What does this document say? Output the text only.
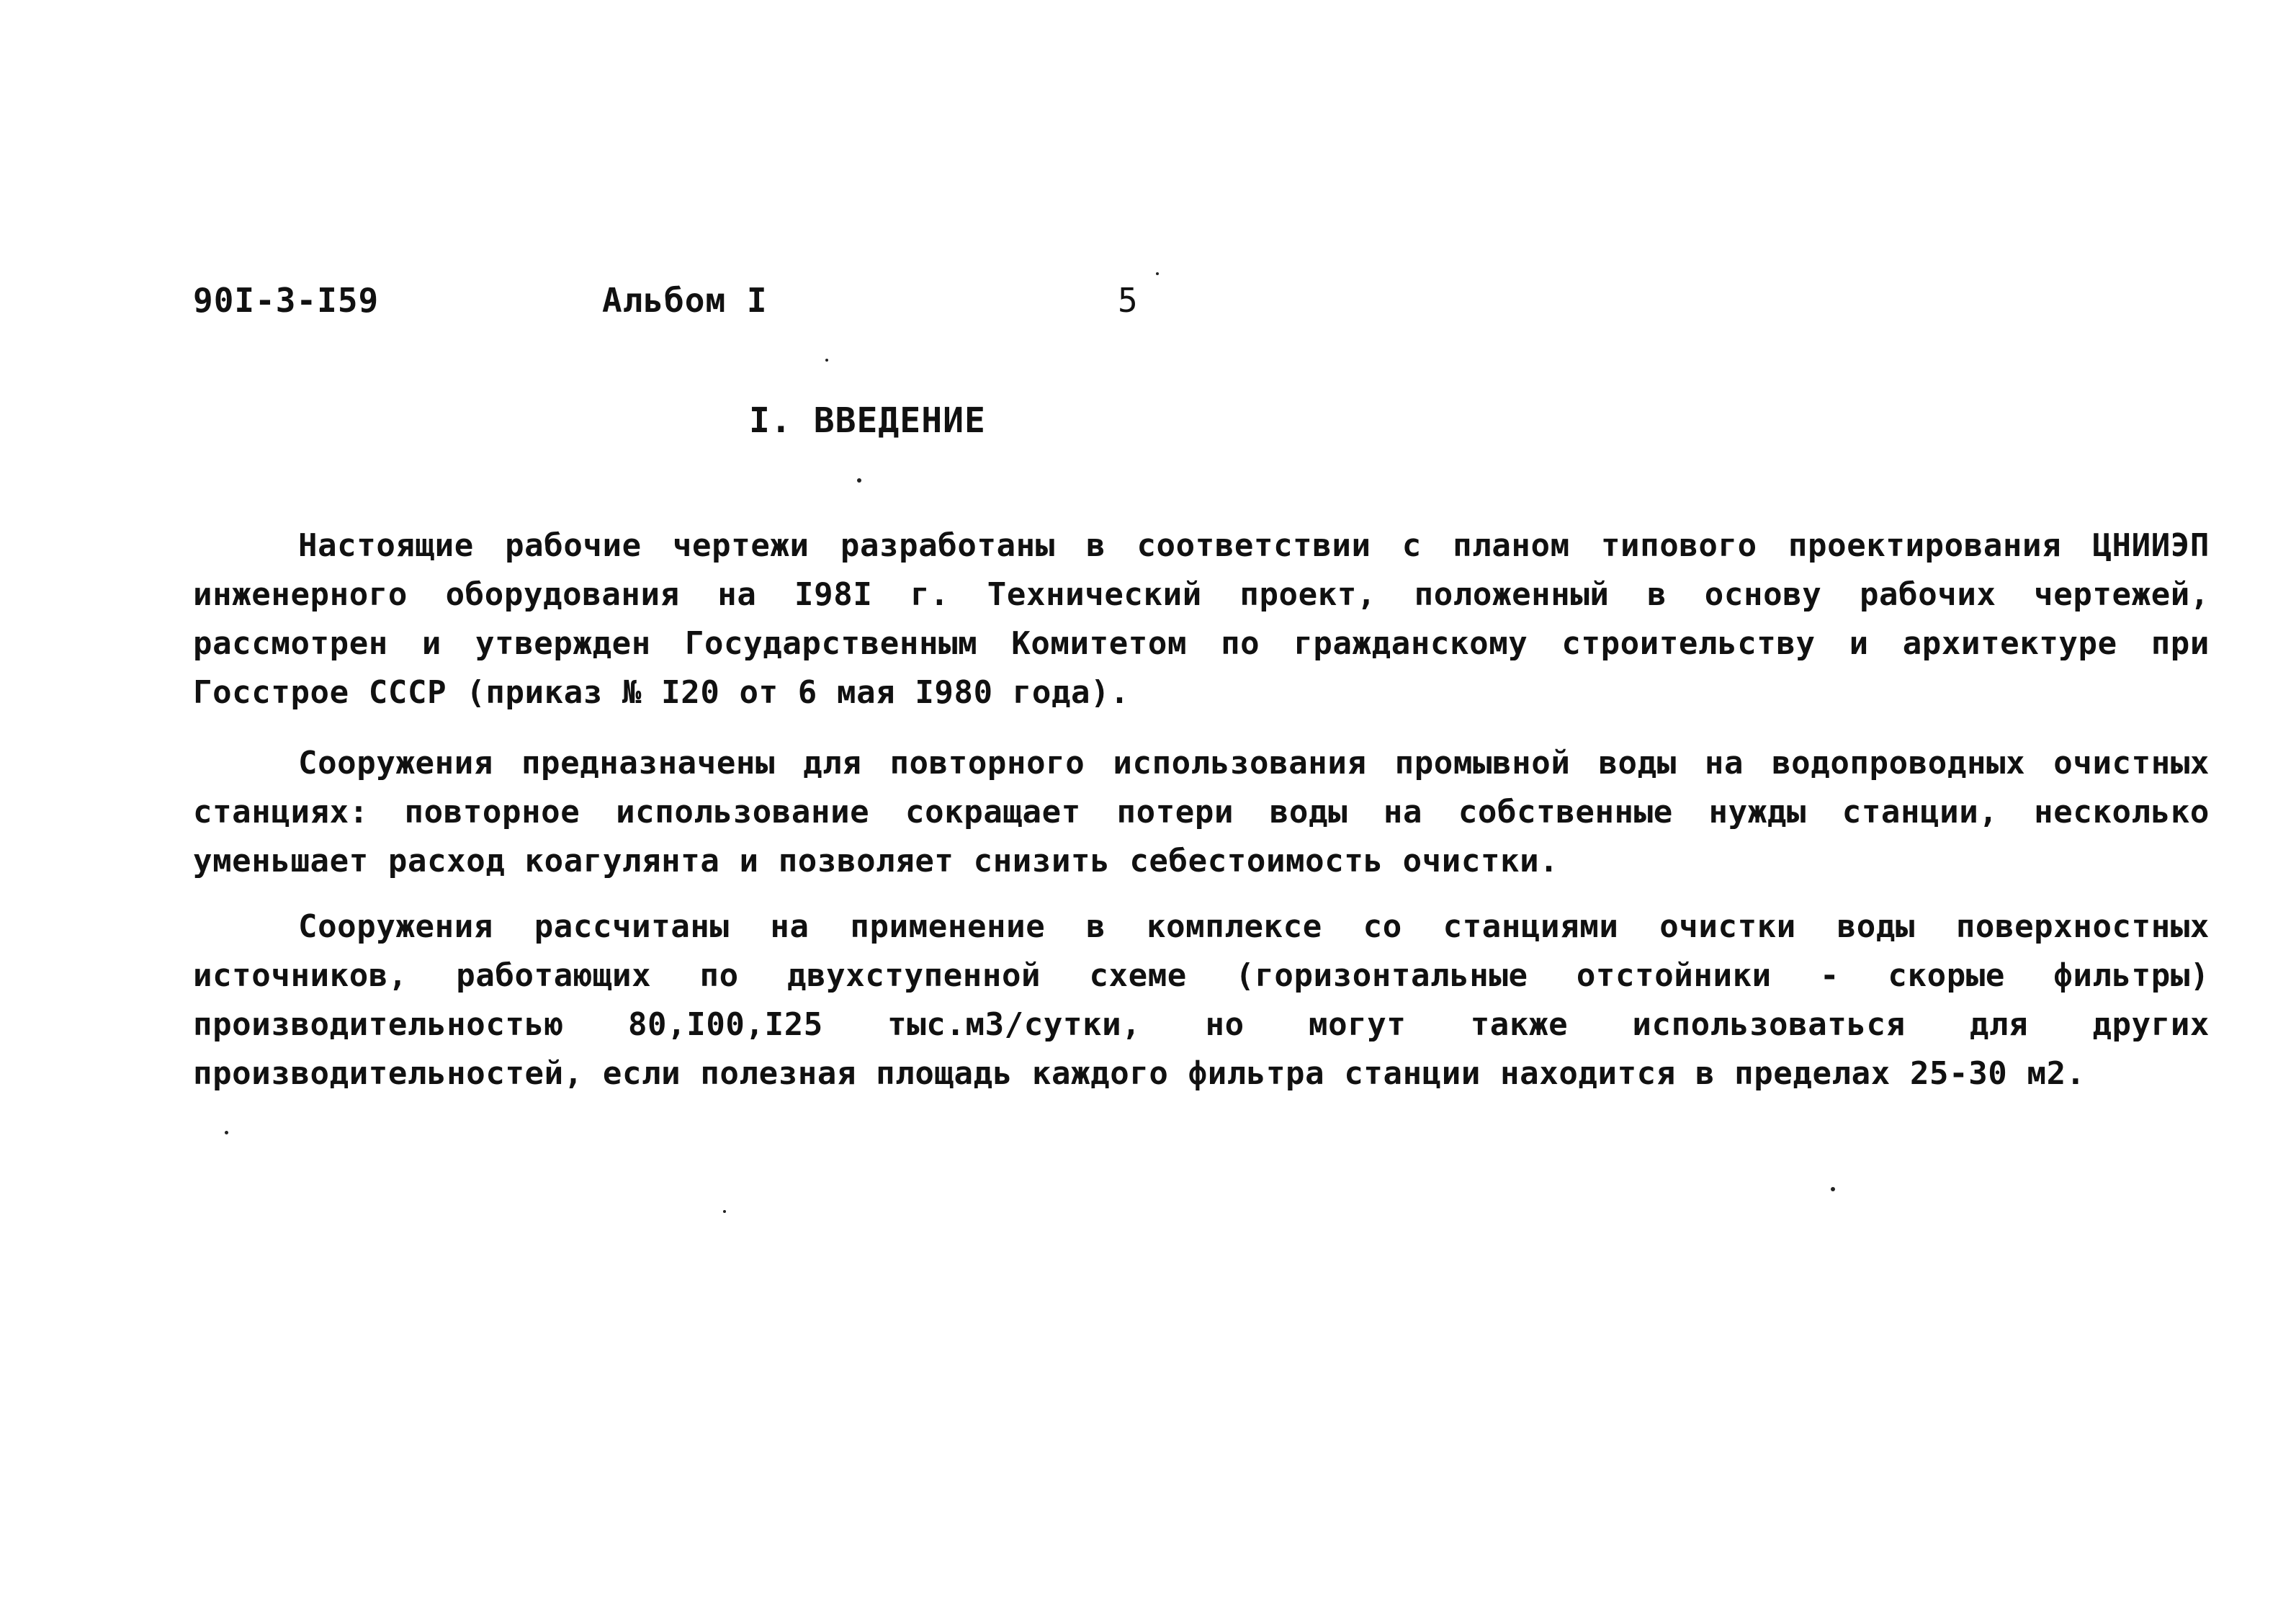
90I-3-I59	Альбом I	5
I. ВВЕДЕНИЕ

Настоящие рабочие чертежи разработаны в соответствии с планом типового проектирования ЦНИИЭП инженерного оборудования на I98I г. Технический проект, положенный в основу рабочих чертежей, рассмотрен и утвержден Государственным Комитетом по гражданскому строительству и архитектуре при Госстрое СССР (приказ № I20 от 6 мая I980 года).

Сооружения предназначены для повторного использования промывной воды на водопроводных очистных станциях: повторное использование сокращает потери воды на собственные нужды станции, несколько уменьшает расход коагулянта и позволяет снизить себестоимость очистки.

Сооружения рассчитаны на применение в комплексе со станциями очистки воды поверхностных источников, работающих по двухступенной схеме (горизонтальные отстойники - скорые фильтры) производительностью 80,I00,I25 тыс.м3/сутки, но могут также использоваться для других производительностей, если полезная площадь каждого фильтра станции находится в пределах 25-30 м2.
